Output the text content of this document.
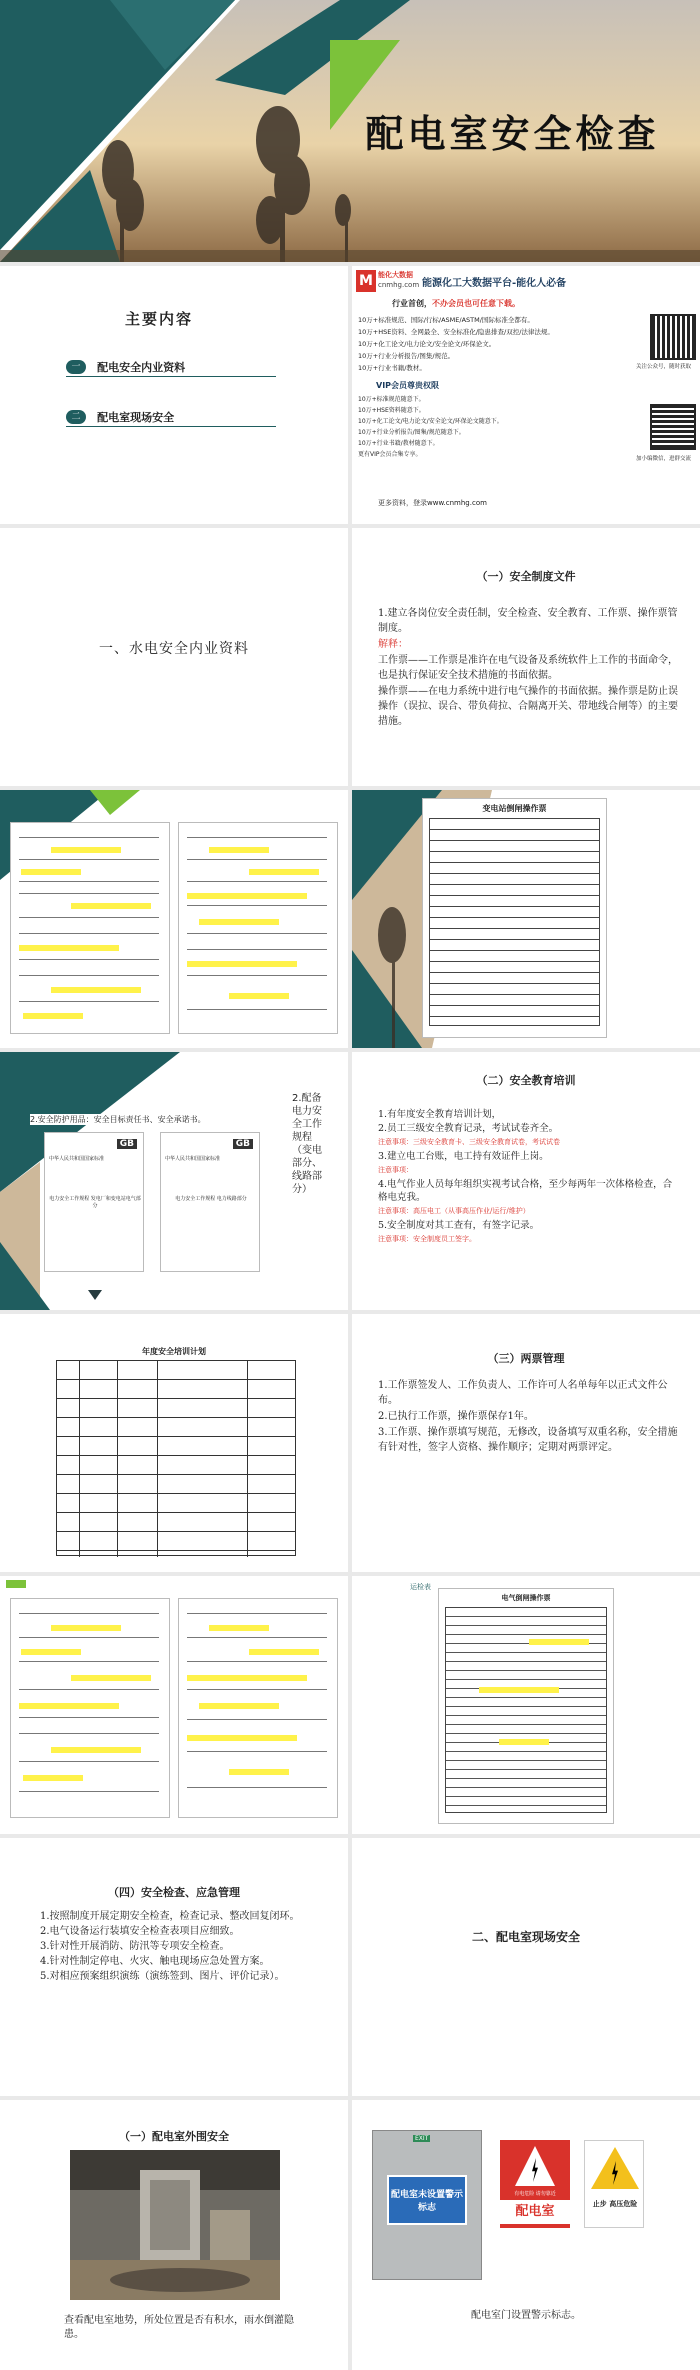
配电室安全检查
主要内容
一 配电安全内业资料
二 配电室现场安全
M 能化大数据
cnmhg.com 能源化工大数据平台-能化人必备
行业首创，不办会员也可任意下载。
10万+标准规范、国际/行标/ASME/ASTM/国际标准全都有。
10万+HSE资料、全网最全、安全标准化/隐患排查/双控/法律法规。
10万+化工论文/电力论文/安全论文/环保论文。
10万+行业分析报告/图集/规范。
10万+行业书籍/教材。
VIP会员尊贵权限
10万+标准规范随意下。
10万+HSE资料随意下。
10万+化工论文/电力论文/安全论文/环保论文随意下。
10万+行业分析报告/图集/规范随意下。
10万+行业书籍/教材随意下。
更有VIP会员合集专享。
更多资料，登录www.cnmhg.com
关注公众号，随时获取
加小编微信，进群交流
一、水电安全内业资料
（一）安全制度文件

1.建立各岗位安全责任制，安全检查、安全教育、工作票、操作票管制度。

解释：

工作票——工作票是准许在电气设备及系统软件上工作的书面命令，也是执行保证安全技术措施的书面依据。

操作票——在电力系统中进行电气操作的书面依据。操作票是防止误操作（误拉、误合、带负荷拉、合隔离开关、带地线合闸等）的主要措施。

变电站倒闸操作票
2.安全防护用品：安全目标责任书、安全承诺书。
GB
中华人民共和国国家标准
电力安全工作规程 发电厂和变电站电气部分
GB
中华人民共和国国家标准
电力安全工作规程 电力线路部分
2.配备电力安全工作规程（变电部分、线路部分）
（二）安全教育培训

1.有年度安全教育培训计划，

2.员工三级安全教育记录，考试试卷齐全。

注意事项：三级安全教育卡、三级安全教育试卷，考试试卷

3.建立电工台账，电工持有效证件上岗。

注意事项：

4.电气作业人员每年组织实视考试合格，至少每两年一次体格检查，合格电克我。

注意事项：高压电工（从事高压作业/运行/维护）

5.安全制度对其工查有，有签字记录。

注意事项：安全制度员工签字。

年度安全培训计划
（三）两票管理

1.工作票签发人、工作负责人、工作许可人名单每年以正式文件公布。

2.已执行工作票，操作票保存1年。

3.工作票、操作票填写规范，无修改，设备填写双重名称，安全措施有针对性，签字人资格、操作顺序；定期对两票评定。

运检表
电气倒闸操作票
（四）安全检查、应急管理

1.按照制度开展定期安全检查，检查记录、整改回复闭环。

2.电气设备运行装填安全检查表项目应细致。

3.针对性开展消防、防汛等专项安全检查。

4.针对性制定停电、火灾、触电现场应急处置方案。

5.对相应预案组织演练（演练签到、图片、评价记录）。

二、配电室现场安全
（一）配电室外围安全
查看配电室地势，所处位置是否有积水，雨水倒灌隐患。
EXIT
配电室未设置警示标志
有电危险 请勿靠近
配电室	止步 高压危险
配电室门设置警示标志。
